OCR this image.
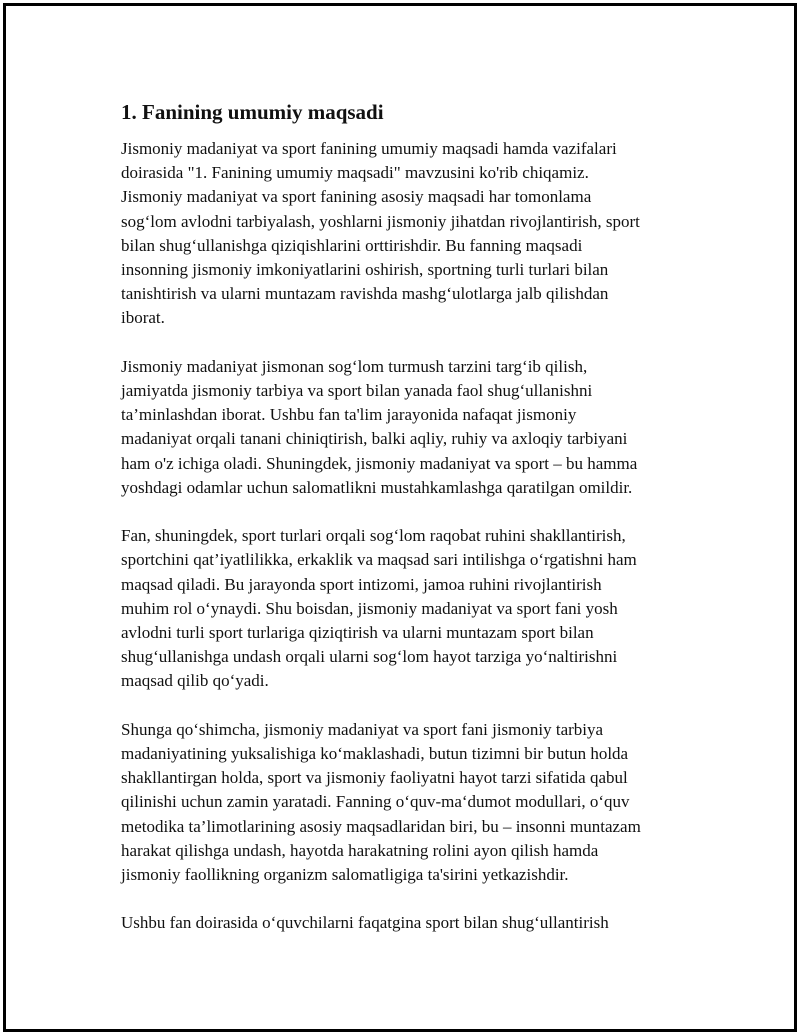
1. Fanining umumiy maqsadi

Jismoniy madaniyat va sport fanining umumiy maqsadi hamda vazifalari
doirasida "1. Fanining umumiy maqsadi" mavzusini ko'rib chiqamiz.
Jismoniy madaniyat va sport fanining asosiy maqsadi har tomonlama
sog‘lom avlodni tarbiyalash, yoshlarni jismoniy jihatdan rivojlantirish, sport
bilan shug‘ullanishga qiziqishlarini orttirishdir. Bu fanning maqsadi
insonning jismoniy imkoniyatlarini oshirish, sportning turli turlari bilan
tanishtirish va ularni muntazam ravishda mashg‘ulotlarga jalb qilishdan
iborat.

Jismoniy madaniyat jismonan sog‘lom turmush tarzini targ‘ib qilish,
jamiyatda jismoniy tarbiya va sport bilan yanada faol shug‘ullanishni
ta’minlashdan iborat. Ushbu fan ta'lim jarayonida nafaqat jismoniy
madaniyat orqali tanani chiniqtirish, balki aqliy, ruhiy va axloqiy tarbiyani
ham o'z ichiga oladi. Shuningdek, jismoniy madaniyat va sport – bu hamma
yoshdagi odamlar uchun salomatlikni mustahkamlashga qaratilgan omildir.

Fan, shuningdek, sport turlari orqali sog‘lom raqobat ruhini shakllantirish,
sportchini qat’iyatlilikka, erkaklik va maqsad sari intilishga o‘rgatishni ham
maqsad qiladi. Bu jarayonda sport intizomi, jamoa ruhini rivojlantirish
muhim rol o‘ynaydi. Shu boisdan, jismoniy madaniyat va sport fani yosh
avlodni turli sport turlariga qiziqtirish va ularni muntazam sport bilan
shug‘ullanishga undash orqali ularni sog‘lom hayot tarziga yo‘naltirishni
maqsad qilib qo‘yadi.

Shunga qo‘shimcha, jismoniy madaniyat va sport fani jismoniy tarbiya
madaniyatining yuksalishiga ko‘maklashadi, butun tizimni bir butun holda
shakllantirgan holda, sport va jismoniy faoliyatni hayot tarzi sifatida qabul
qilinishi uchun zamin yaratadi. Fanning o‘quv-ma‘dumot modullari, o‘quv
metodika ta’limotlarining asosiy maqsadlaridan biri, bu – insonni muntazam
harakat qilishga undash, hayotda harakatning rolini ayon qilish hamda
jismoniy faollikning organizm salomatligiga ta'sirini yetkazishdir.

Ushbu fan doirasida o‘quvchilarni faqatgina sport bilan shug‘ullantirish
